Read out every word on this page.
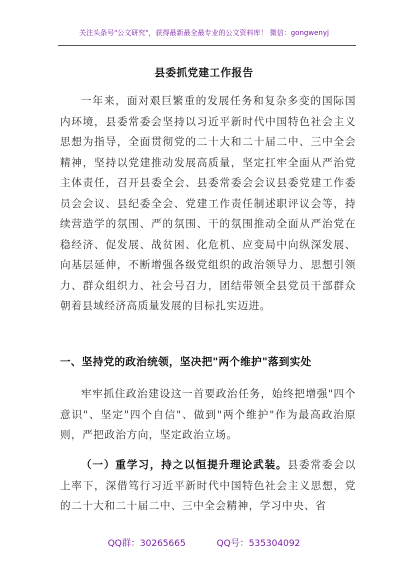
关注头条号"公文研究"，获得最新最全最专业的公文资料库！ 微信：gongwenyj
县委抓党建工作报告
一年来，面对艰巨繁重的发展任务和复杂多变的国际国内环境，县委常委会坚持以习近平新时代中国特色社会主义思想为指导，全面贯彻党的二十大和二十届二中、三中全会精神，坚持以党建推动发展高质量，坚定扛牢全面从严治党主体责任，召开县委全会、县委常委会会议县委党建工作委员会会议、县纪委全会、党建工作责任制述职评议会等，持续营造学的氛围、严的氛围、干的氛围推动全面从严治党在稳经济、促发展、战贫困、化危机、应变局中向纵深发展、向基层延伸，不断增强各级党组织的政治领导力、思想引领力、群众组织力、社会号召力，团结带领全县党员干部群众朝着县域经济高质量发展的目标扎实迈进。
一、坚持党的政治统领，坚决把"两个维护"落到实处
牢牢抓住政治建设这一首要政治任务，始终把增强"四个意识"、坚定"四个自信"、做到"两个维护"作为最高政治原则，严把政治方向，坚定政治立场。
（一）重学习，持之以恒提升理论武装。县委常委会以上率下，深借笃行习近平新时代中国特色社会主义思想，党的二十大和二十届二中、三中全会精神，学习中央、省
QQ群：30265665	QQ号：535304092
